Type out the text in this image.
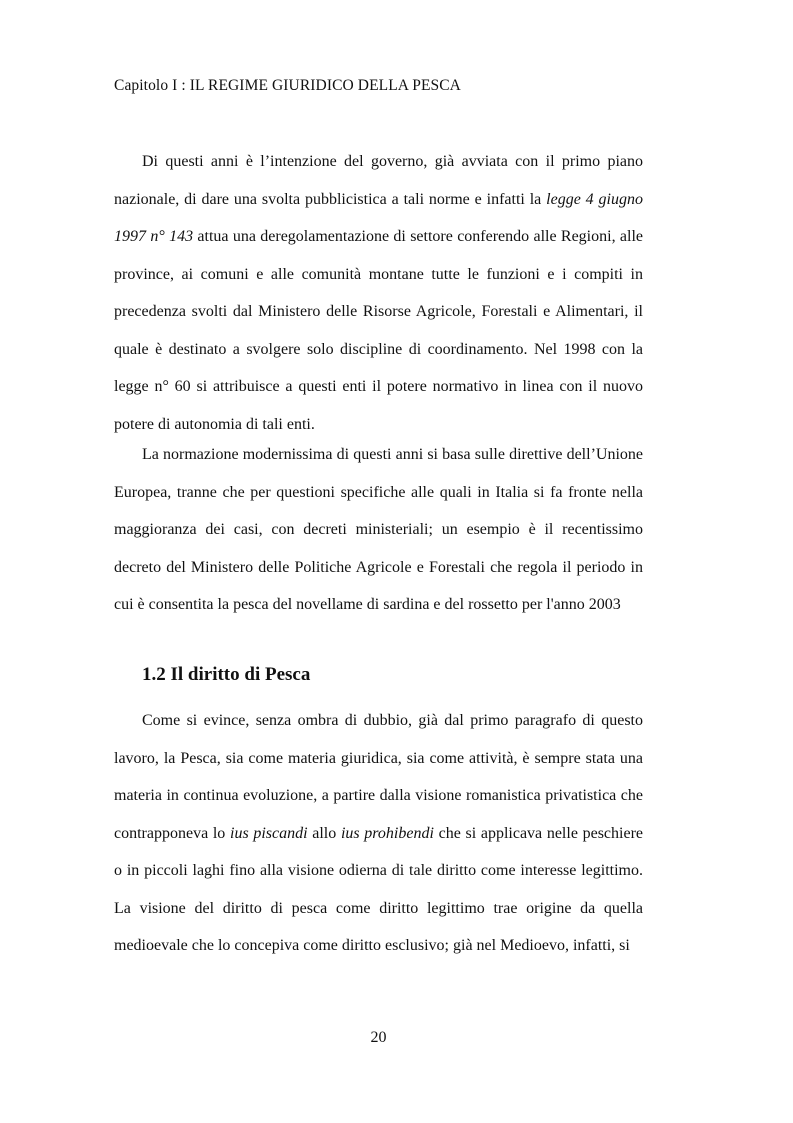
Capitolo I : IL REGIME GIURIDICO DELLA PESCA

Di questi anni è l’intenzione del governo, già avviata con il primo piano nazionale, di dare una svolta pubblicistica a tali norme e infatti la legge 4 giugno 1997 n° 143 attua una deregolamentazione di settore conferendo alle Regioni, alle province, ai comuni e alle comunità montane tutte le funzioni e i compiti in precedenza svolti dal Ministero delle Risorse Agricole, Forestali e Alimentari, il quale è destinato a svolgere solo discipline di coordinamento. Nel 1998 con la legge n° 60 si attribuisce a questi enti il potere normativo in linea con il nuovo potere di autonomia di tali enti.

La normazione modernissima di questi anni si basa sulle direttive dell’Unione Europea, tranne che per questioni specifiche alle quali in Italia si fa fronte nella maggioranza dei casi, con decreti ministeriali; un esempio è il recentissimo decreto del Ministero delle Politiche Agricole e Forestali che regola il periodo in cui è consentita la pesca del novellame di sardina e del rossetto per l'anno 2003

1.2 Il diritto di Pesca

Come si evince, senza ombra di dubbio, già dal primo paragrafo di questo lavoro, la Pesca, sia come materia giuridica, sia come attività, è sempre stata una materia in continua evoluzione, a partire dalla visione romanistica privatistica che contrapponeva lo ius piscandi allo ius prohibendi che si applicava nelle peschiere o in piccoli laghi fino alla visione odierna di tale diritto come interesse legittimo. La visione del diritto di pesca come diritto legittimo trae origine da quella medioevale che lo concepiva come diritto esclusivo; già nel Medioevo, infatti, si

20
